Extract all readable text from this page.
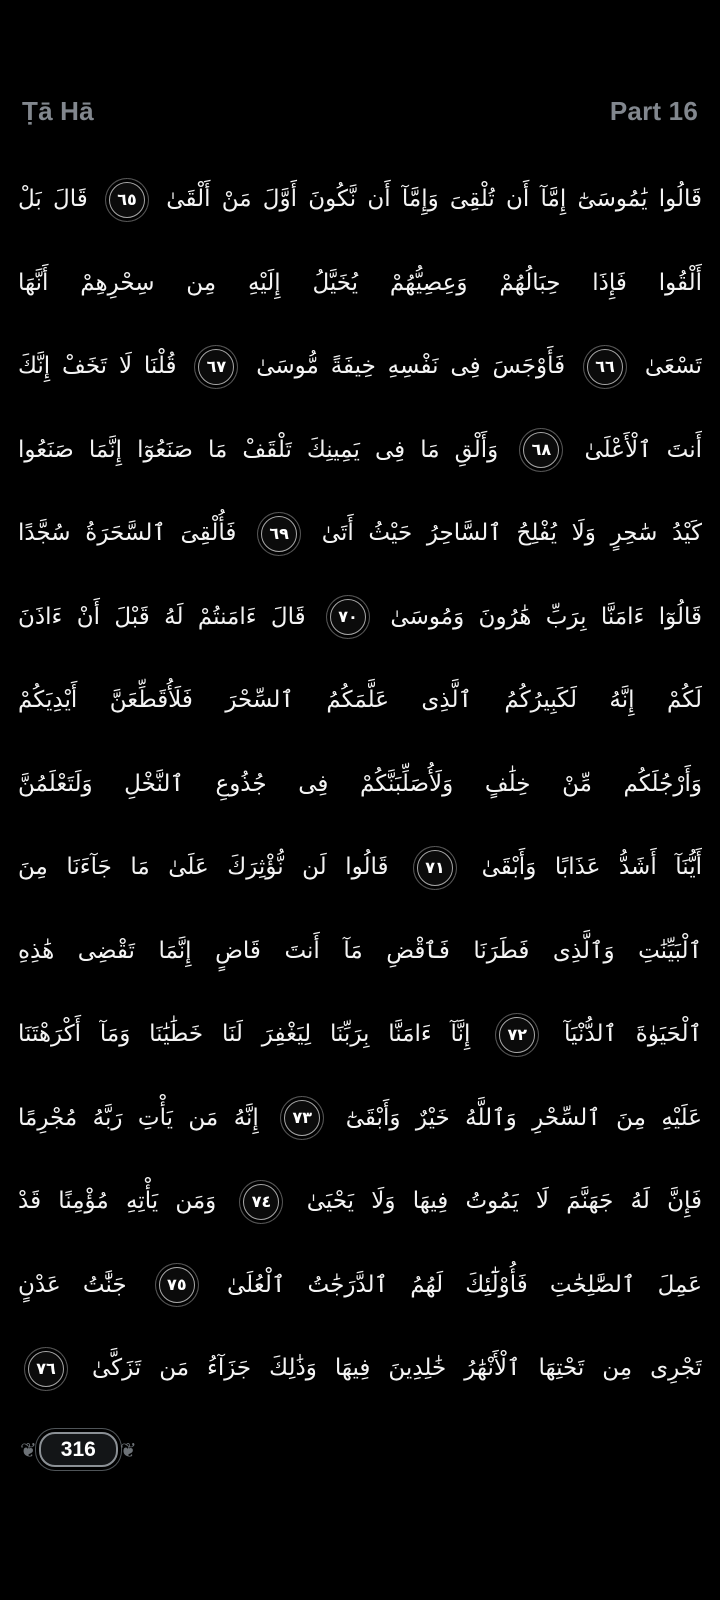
Ṭā Hā	Part 16
قَالُوا يَٰمُوسَىٰٓ إِمَّآ أَن تُلْقِىَ وَإِمَّآ أَن نَّكُونَ أَوَّلَ مَنْ أَلْقَىٰ
٦٥
قَالَ بَلْ
أَلْقُوا فَإِذَا حِبَالُهُمْ وَعِصِيُّهُمْ يُخَيَّلُ إِلَيْهِ مِن سِحْرِهِمْ أَنَّهَا
تَسْعَىٰ
٦٦
فَأَوْجَسَ فِى نَفْسِهِ خِيفَةً مُّوسَىٰ
٦٧
قُلْنَا لَا تَخَفْ إِنَّكَ
أَنتَ ٱلْأَعْلَىٰ
٦٨
وَأَلْقِ مَا فِى يَمِينِكَ تَلْقَفْ مَا صَنَعُوٓا إِنَّمَا صَنَعُوا
كَيْدُ سَٰحِرٍ وَلَا يُفْلِحُ ٱلسَّاحِرُ حَيْثُ أَتَىٰ
٦٩
فَأُلْقِىَ ٱلسَّحَرَةُ سُجَّدًا
قَالُوٓا ءَامَنَّا بِرَبِّ هَٰرُونَ وَمُوسَىٰ
٧٠
قَالَ ءَامَنتُمْ لَهُ قَبْلَ أَنْ ءَاذَنَ
لَكُمْ إِنَّهُ لَكَبِيرُكُمُ ٱلَّذِى عَلَّمَكُمُ ٱلسِّحْرَ فَلَأُقَطِّعَنَّ أَيْدِيَكُمْ
وَأَرْجُلَكُم مِّنْ خِلَٰفٍ وَلَأُصَلِّبَنَّكُمْ فِى جُذُوعِ ٱلنَّخْلِ وَلَتَعْلَمُنَّ
أَيُّنَآ أَشَدُّ عَذَابًا وَأَبْقَىٰ
٧١
قَالُوا لَن نُّؤْثِرَكَ عَلَىٰ مَا جَآءَنَا مِنَ
ٱلْبَيِّنَٰتِ وَٱلَّذِى فَطَرَنَا فَٱقْضِ مَآ أَنتَ قَاضٍ إِنَّمَا تَقْضِى هَٰذِهِ
ٱلْحَيَوٰةَ ٱلدُّنْيَآ
٧٢
إِنَّآ ءَامَنَّا بِرَبِّنَا لِيَغْفِرَ لَنَا خَطَٰيَٰنَا وَمَآ أَكْرَهْتَنَا
عَلَيْهِ مِنَ ٱلسِّحْرِ وَٱللَّهُ خَيْرٌ وَأَبْقَىٰٓ
٧٣
إِنَّهُ مَن يَأْتِ رَبَّهُ مُجْرِمًا
فَإِنَّ لَهُ جَهَنَّمَ لَا يَمُوتُ فِيهَا وَلَا يَحْيَىٰ
٧٤
وَمَن يَأْتِهِ مُؤْمِنًا قَدْ
عَمِلَ ٱلصَّٰلِحَٰتِ فَأُوْلَٰٓئِكَ لَهُمُ ٱلدَّرَجَٰتُ ٱلْعُلَىٰ
٧٥
جَنَّٰتُ عَدْنٍ
تَجْرِى مِن تَحْتِهَا ٱلْأَنْهَٰرُ خَٰلِدِينَ فِيهَا وَذَٰلِكَ جَزَآءُ مَن تَزَكَّىٰ
٧٦

❦ 316 ❦
